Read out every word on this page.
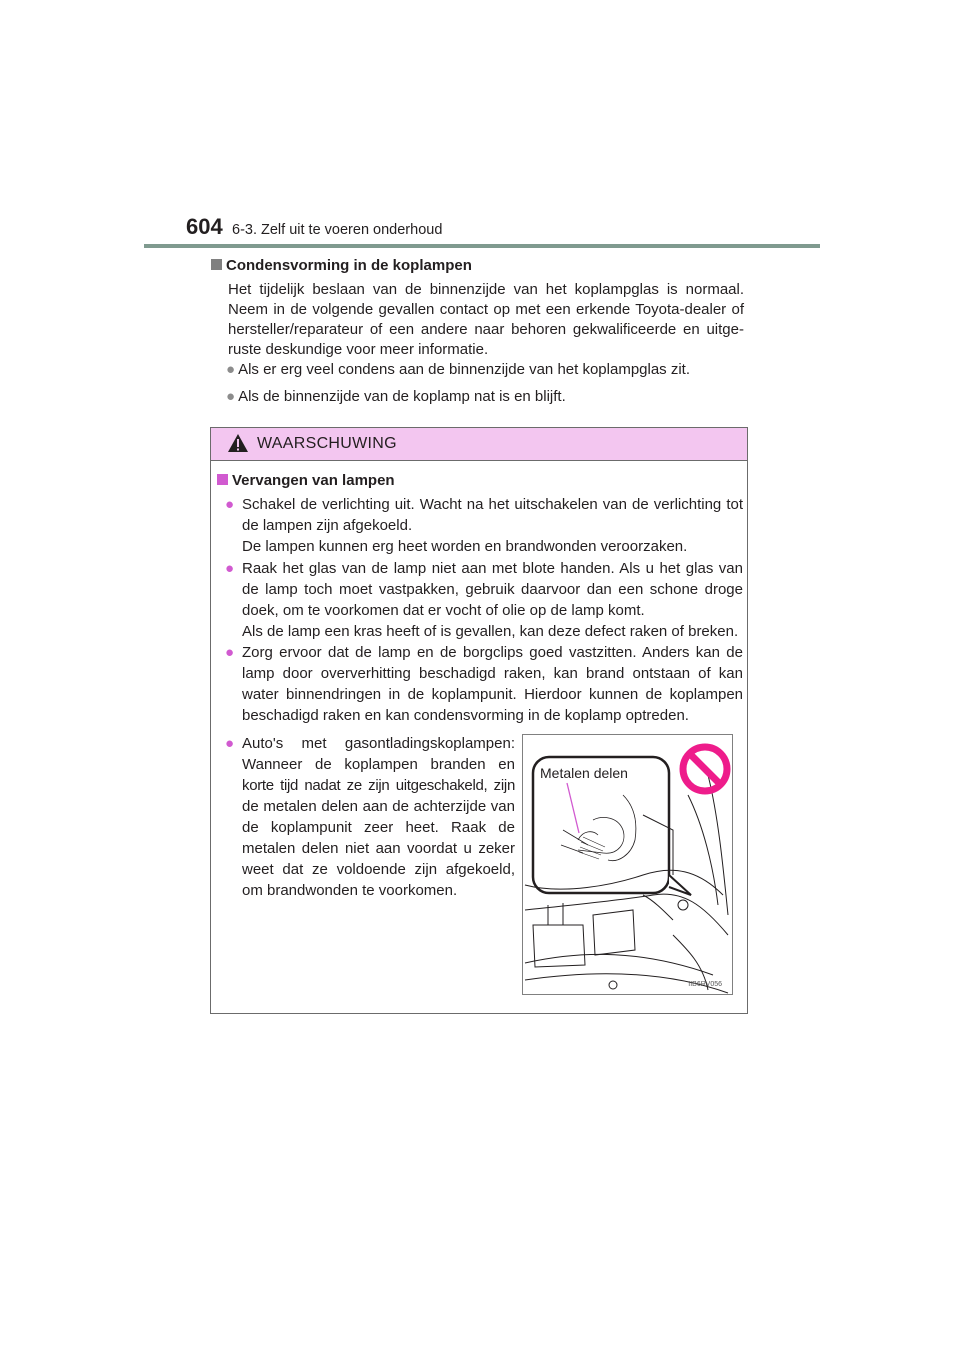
604 6-3. Zelf uit te voeren onderhoud
Condensvorming in de koplampen
Het tijdelijk beslaan van de binnenzijde van het koplampglas is normaal.
Neem in de volgende gevallen contact op met een erkende Toyota-dealer of
hersteller/reparateur of een andere naar behoren gekwalificeerde en uitge-
ruste deskundige voor meer informatie.
● Als er erg veel condens aan de binnenzijde van het koplampglas zit.
● Als de binnenzijde van de koplamp nat is en blijft.
WAARSCHUWING
Vervangen van lampen
● Schakel de verlichting uit. Wacht na het uitschakelen van de verlichting tot
de lampen zijn afgekoeld.
De lampen kunnen erg heet worden en brandwonden veroorzaken.
● Raak het glas van de lamp niet aan met blote handen. Als u het glas van
de lamp toch moet vastpakken, gebruik daarvoor dan een schone droge
doek, om te voorkomen dat er vocht of olie op de lamp komt.
Als de lamp een kras heeft of is gevallen, kan deze defect raken of breken.
● Zorg ervoor dat de lamp en de borgclips goed vastzitten. Anders kan de
lamp door oververhitting beschadigd raken, kan brand ontstaan of kan
water binnendringen in de koplampunit. Hierdoor kunnen de koplampen
beschadigd raken en kan condensvorming in de koplamp optreden.
● Auto's met gasontladingskoplampen:
Wanneer de koplampen branden en
korte tijd nadat ze zijn uitgeschakeld, zijn
de metalen delen aan de achterzijde van
de koplampunit zeer heet. Raak de
metalen delen niet aan voordat u zeker
weet dat ze voldoende zijn afgekoeld,
om brandwonden te voorkomen.
Metalen delen
IIB6RV056
